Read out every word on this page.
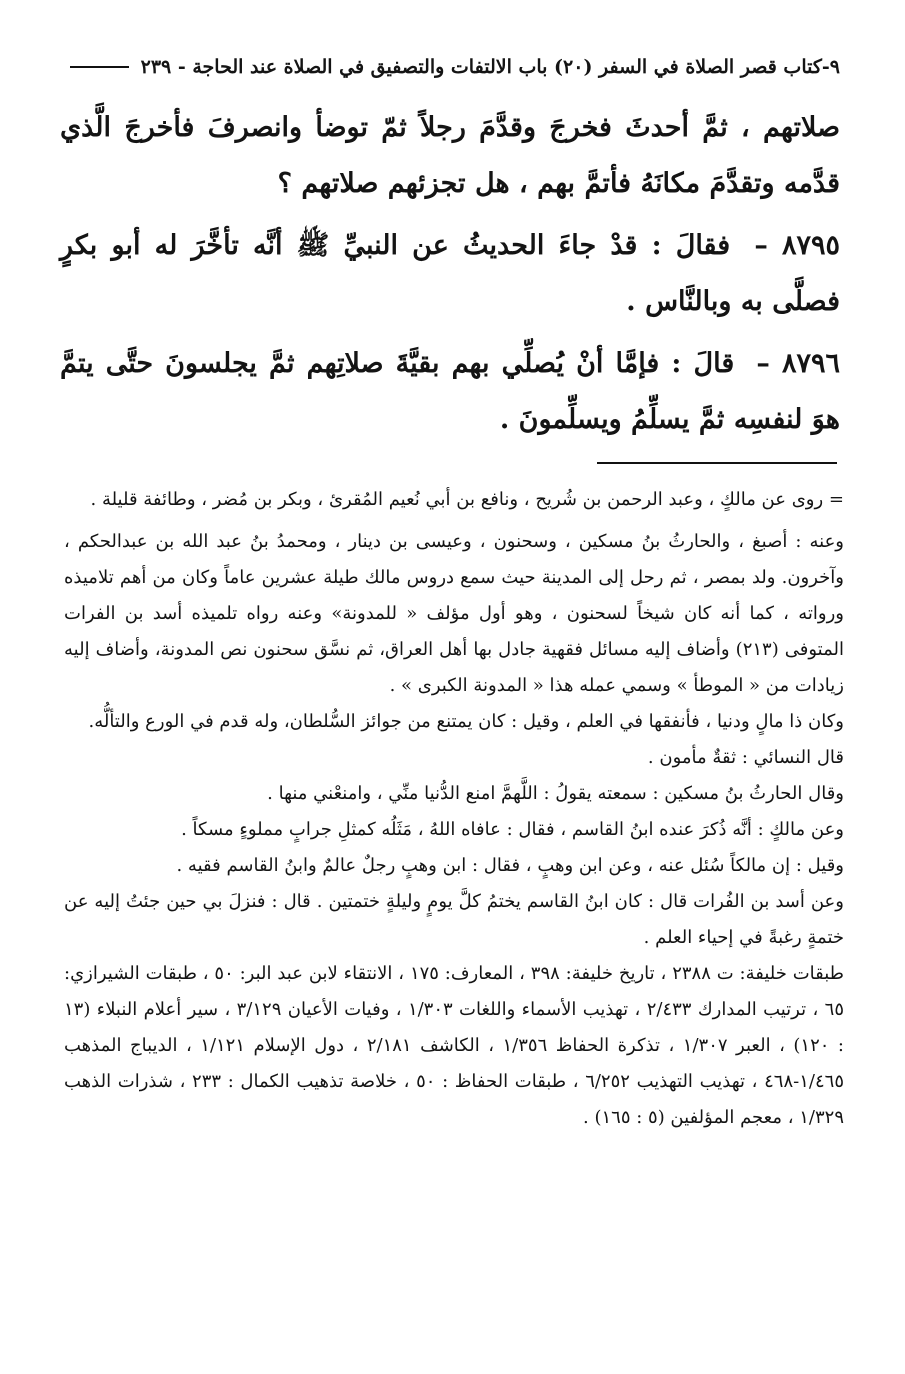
٩-كتاب قصر الصلاة في السفر (٢٠) باب الالتفات والتصفيق في الصلاة عند الحاجة - ٢٣٩

صلاتهم ، ثمَّ أحدثَ فخرجَ وقدَّمَ رجلاً ثمّ توضأ وانصرفَ فأخرجَ الَّذي قدَّمه وتقدَّمَ مكانَهُ فأتمَّ بهم ، هل تجزئهم صلاتهم ؟

٨٧٩٥ – فقالَ : قدْ جاءَ الحديثُ عن النبيِّ ﷺ أنَّه تأخَّرَ له أبو بكرٍ فصلَّى به وبالنَّاس .

٨٧٩٦ – قالَ : فإمَّا أنْ يُصلِّي بهم بقيَّةَ صلاتِهم ثمَّ يجلسونَ حتَّى يتمَّ هوَ لنفسِه ثمَّ يسلِّمُ ويسلِّمونَ .

= روى عن مالكٍ ، وعبد الرحمن بن شُريح ، ونافع بن أبي نُعيم المُقرئ ، وبكر بن مُضر ، وطائفة قليلة .

وعنه : أصبغ ، والحارثُ بنُ مسكين ، وسحنون ، وعيسى بن دينار ، ومحمدُ بنُ عبد الله بن عبدالحكم ، وآخرون. ولد بمصر ، ثم رحل إلى المدينة حيث سمع دروس مالك طيلة عشرين عاماً وكان من أهم تلاميذه ورواته ، كما أنه كان شيخاً لسحنون ، وهو أول مؤلف « للمدونة» وعنه رواه تلميذه أسد بن الفرات المتوفى (٢١٣) وأضاف إليه مسائل فقهية جادل بها أهل العراق، ثم نسَّق سحنون نص المدونة، وأضاف إليه زيادات من « الموطأ » وسمي عمله هذا « المدونة الكبرى » .

وكان ذا مالٍ ودنيا ، فأنفقها في العلم ، وقيل : كان يمتنع من جوائز السُّلطان، وله قدم في الورع والتألُّه.

قال النسائي : ثقةٌ مأمون .

وقال الحارثُ بنُ مسكين : سمعته يقولُ : اللَّهمَّ امنع الدُّنيا منِّي ، وامنعْني منها .

وعن مالكٍ : أنَّه ذُكرَ عنده ابنُ القاسم ، فقال : عافاه اللهُ ، مَثَلُه كمثلِ جرابٍ مملوءٍ مسكاً .

وقيل : إن مالكاً سُئل عنه ، وعن ابن وهبٍ ، فقال : ابن وهبٍ رجلٌ عالمٌ وابنُ القاسم فقيه .

وعن أسد بن الفُرات قال : كان ابنُ القاسم يختمُ كلَّ يومٍ وليلةٍ ختمتين . قال : فنزلَ بي حين جئتُ إليه عن ختمةٍ رغبةً في إحياء العلم .

طبقات خليفة: ت ٢٣٨٨ ، تاريخ خليفة: ٣٩٨ ، المعارف: ١٧٥ ، الانتقاء لابن عبد البر: ٥٠ ، طبقات الشيرازي: ٦٥ ، ترتيب المدارك ٢/٤٣٣ ، تهذيب الأسماء واللغات ١/٣٠٣ ، وفيات الأعيان ٣/١٢٩ ، سير أعلام النبلاء (١٣ : ١٢٠) ، العبر ١/٣٠٧ ، تذكرة الحفاظ ١/٣٥٦ ، الكاشف ٢/١٨١ ، دول الإسلام ١/١٢١ ، الديباج المذهب ١/٤٦٥-٤٦٨ ، تهذيب التهذيب ٦/٢٥٢ ، طبقات الحفاظ : ٥٠ ، خلاصة تذهيب الكمال : ٢٣٣ ، شذرات الذهب ١/٣٢٩ ، معجم المؤلفين (٥ : ١٦٥) .
